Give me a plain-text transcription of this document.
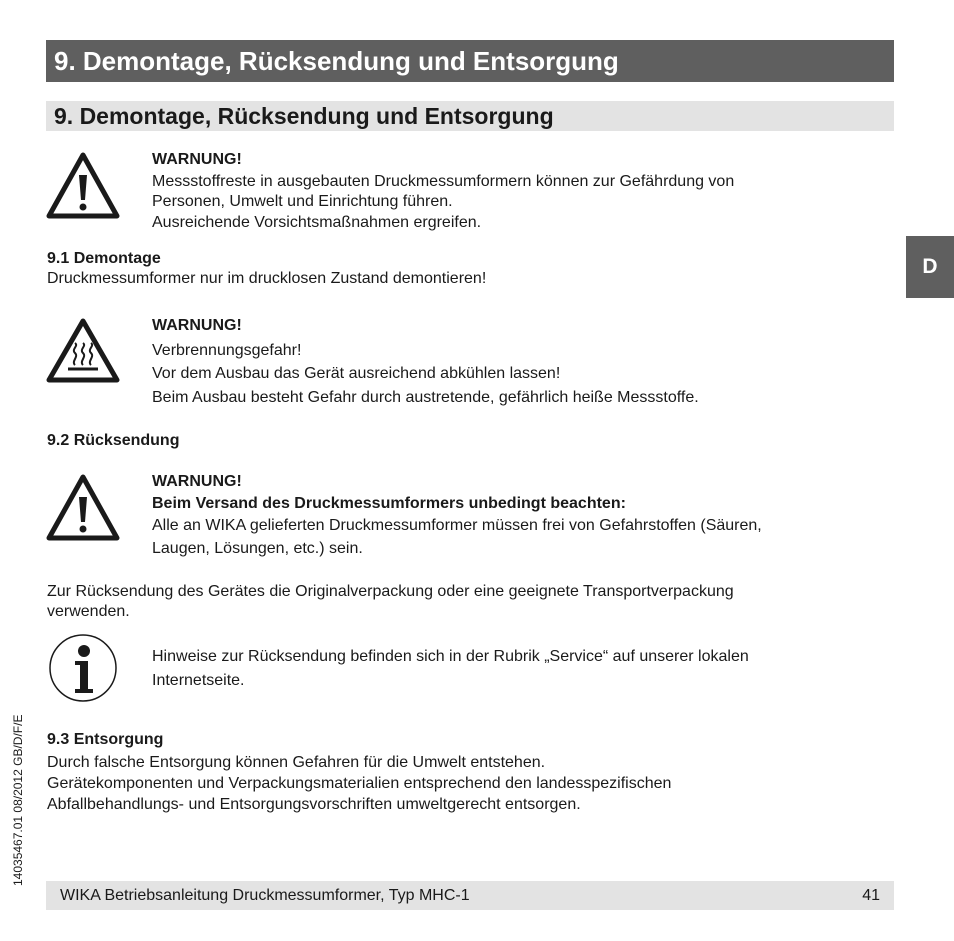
9. Demontage, Rücksendung und Entsorgung
9. Demontage, Rücksendung und Entsorgung
D
WARNUNG!
Messstoffreste in ausgebauten Druckmessumformern können zur Gefährdung von
Personen, Umwelt und Einrichtung führen.
Ausreichende Vorsichtsmaßnahmen ergreifen.
9.1 Demontage
Druckmessumformer nur im drucklosen Zustand demontieren!
WARNUNG!
Verbrennungsgefahr!
Vor dem Ausbau das Gerät ausreichend abkühlen lassen!
Beim Ausbau besteht Gefahr durch austretende, gefährlich heiße Messstoffe.
9.2 Rücksendung
WARNUNG!
Beim Versand des Druckmessumformers unbedingt beachten:
Alle an WIKA gelieferten Druckmessumformer müssen frei von Gefahrstoffen (Säuren,
Laugen, Lösungen, etc.) sein.
Zur Rücksendung des Gerätes die Originalverpackung oder eine geeignete Transportverpackung
verwenden.
Hinweise zur Rücksendung befinden sich in der Rubrik „Service“ auf unserer lokalen
Internetseite.
9.3 Entsorgung
Durch falsche Entsorgung können Gefahren für die Umwelt entstehen.
Gerätekomponenten und Verpackungsmaterialien entsprechend den landesspezifischen
Abfallbehandlungs- und Entsorgungsvorschriften umweltgerecht entsorgen.
14035467.01 08/2012 GB/D/F/E
WIKA Betriebsanleitung Druckmessumformer, Typ MHC-1	41
